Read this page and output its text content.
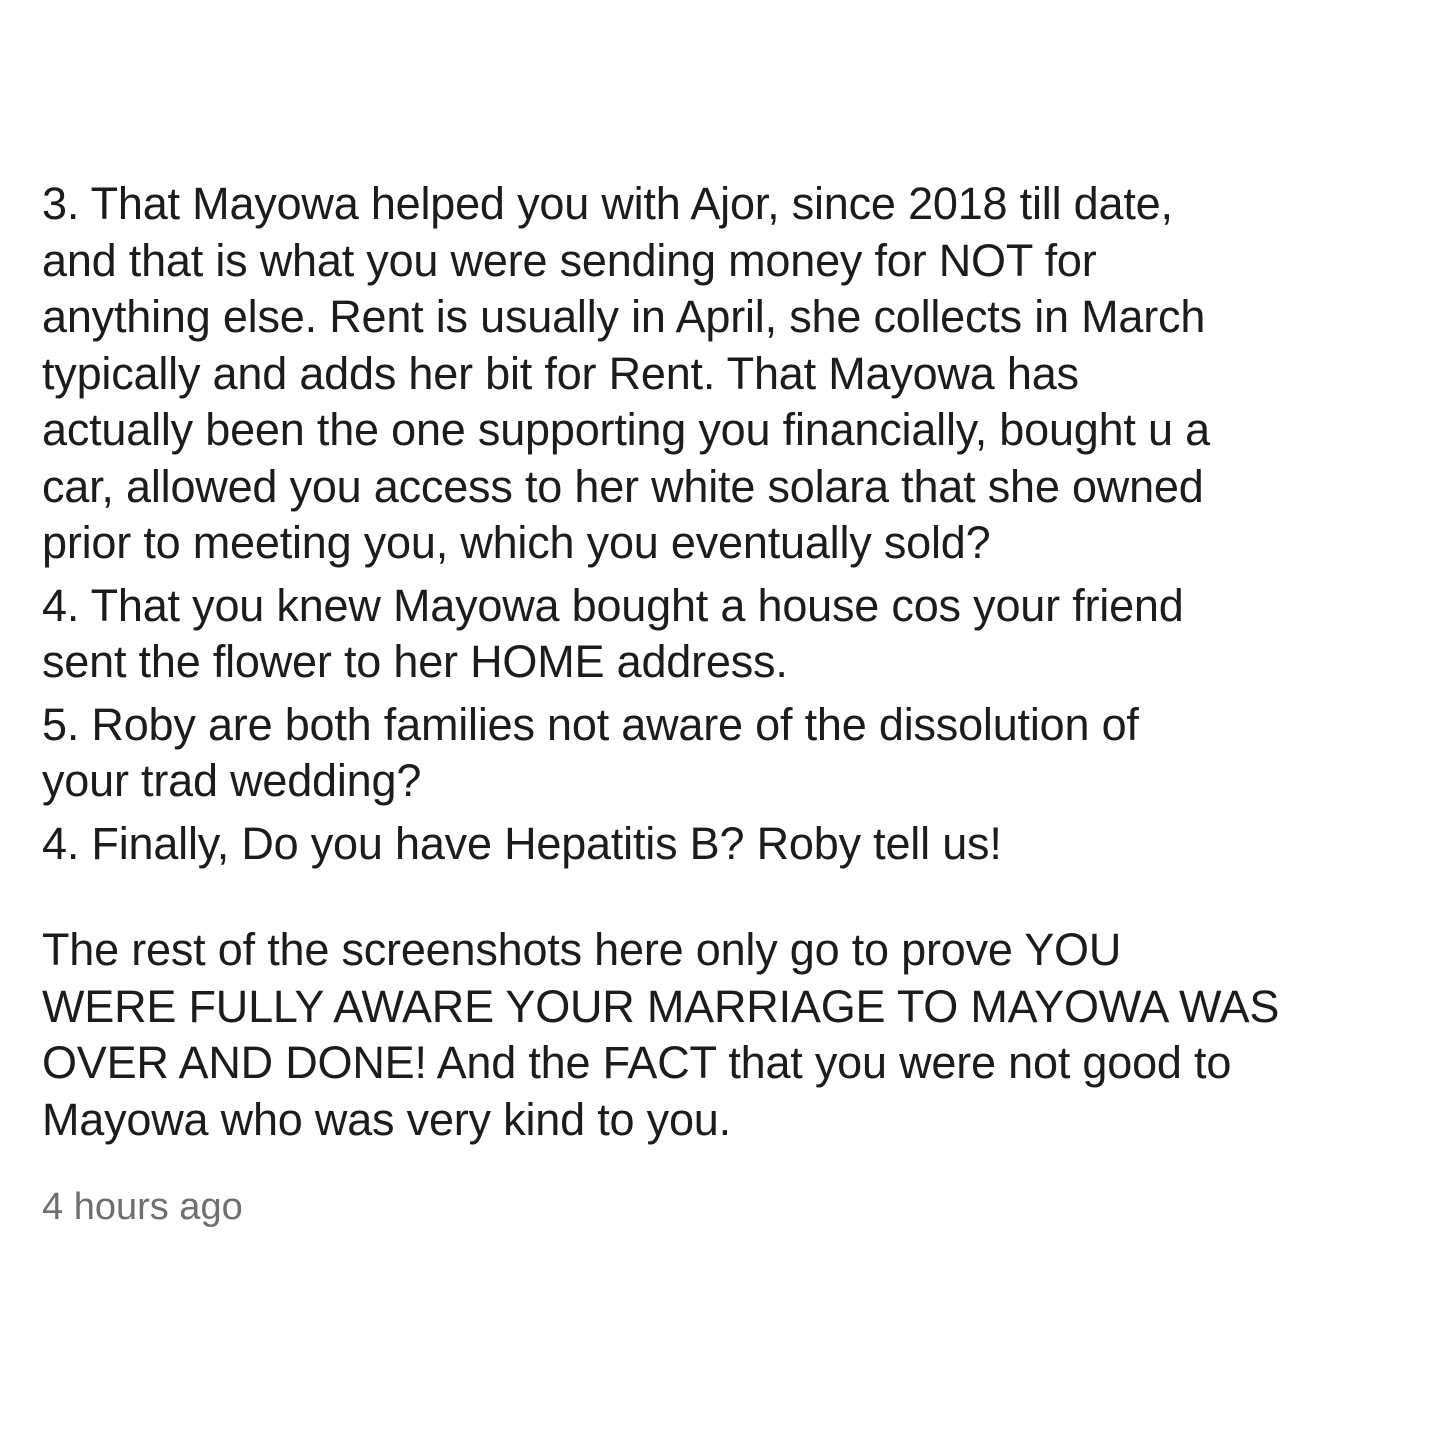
3. That Mayowa helped you with Ajor, since 2018 till date,
and that is what you were sending money for NOT for
anything else. Rent is usually in April, she collects in March
typically and adds her bit for Rent. That Mayowa has
actually been the one supporting you financially, bought u a
car, allowed you access to her white solara that she owned
prior to meeting you, which you eventually sold?

4. That you knew Mayowa bought a house cos your friend
sent the flower to her HOME address.

5. Roby are both families not aware of the dissolution of
your trad wedding?

4. Finally, Do you have Hepatitis B? Roby tell us!

The rest of the screenshots here only go to prove YOU
WERE FULLY AWARE YOUR MARRIAGE TO MAYOWA WAS
OVER AND DONE! And the FACT that you were not good to
Mayowa who was very kind to you.

4 hours ago
